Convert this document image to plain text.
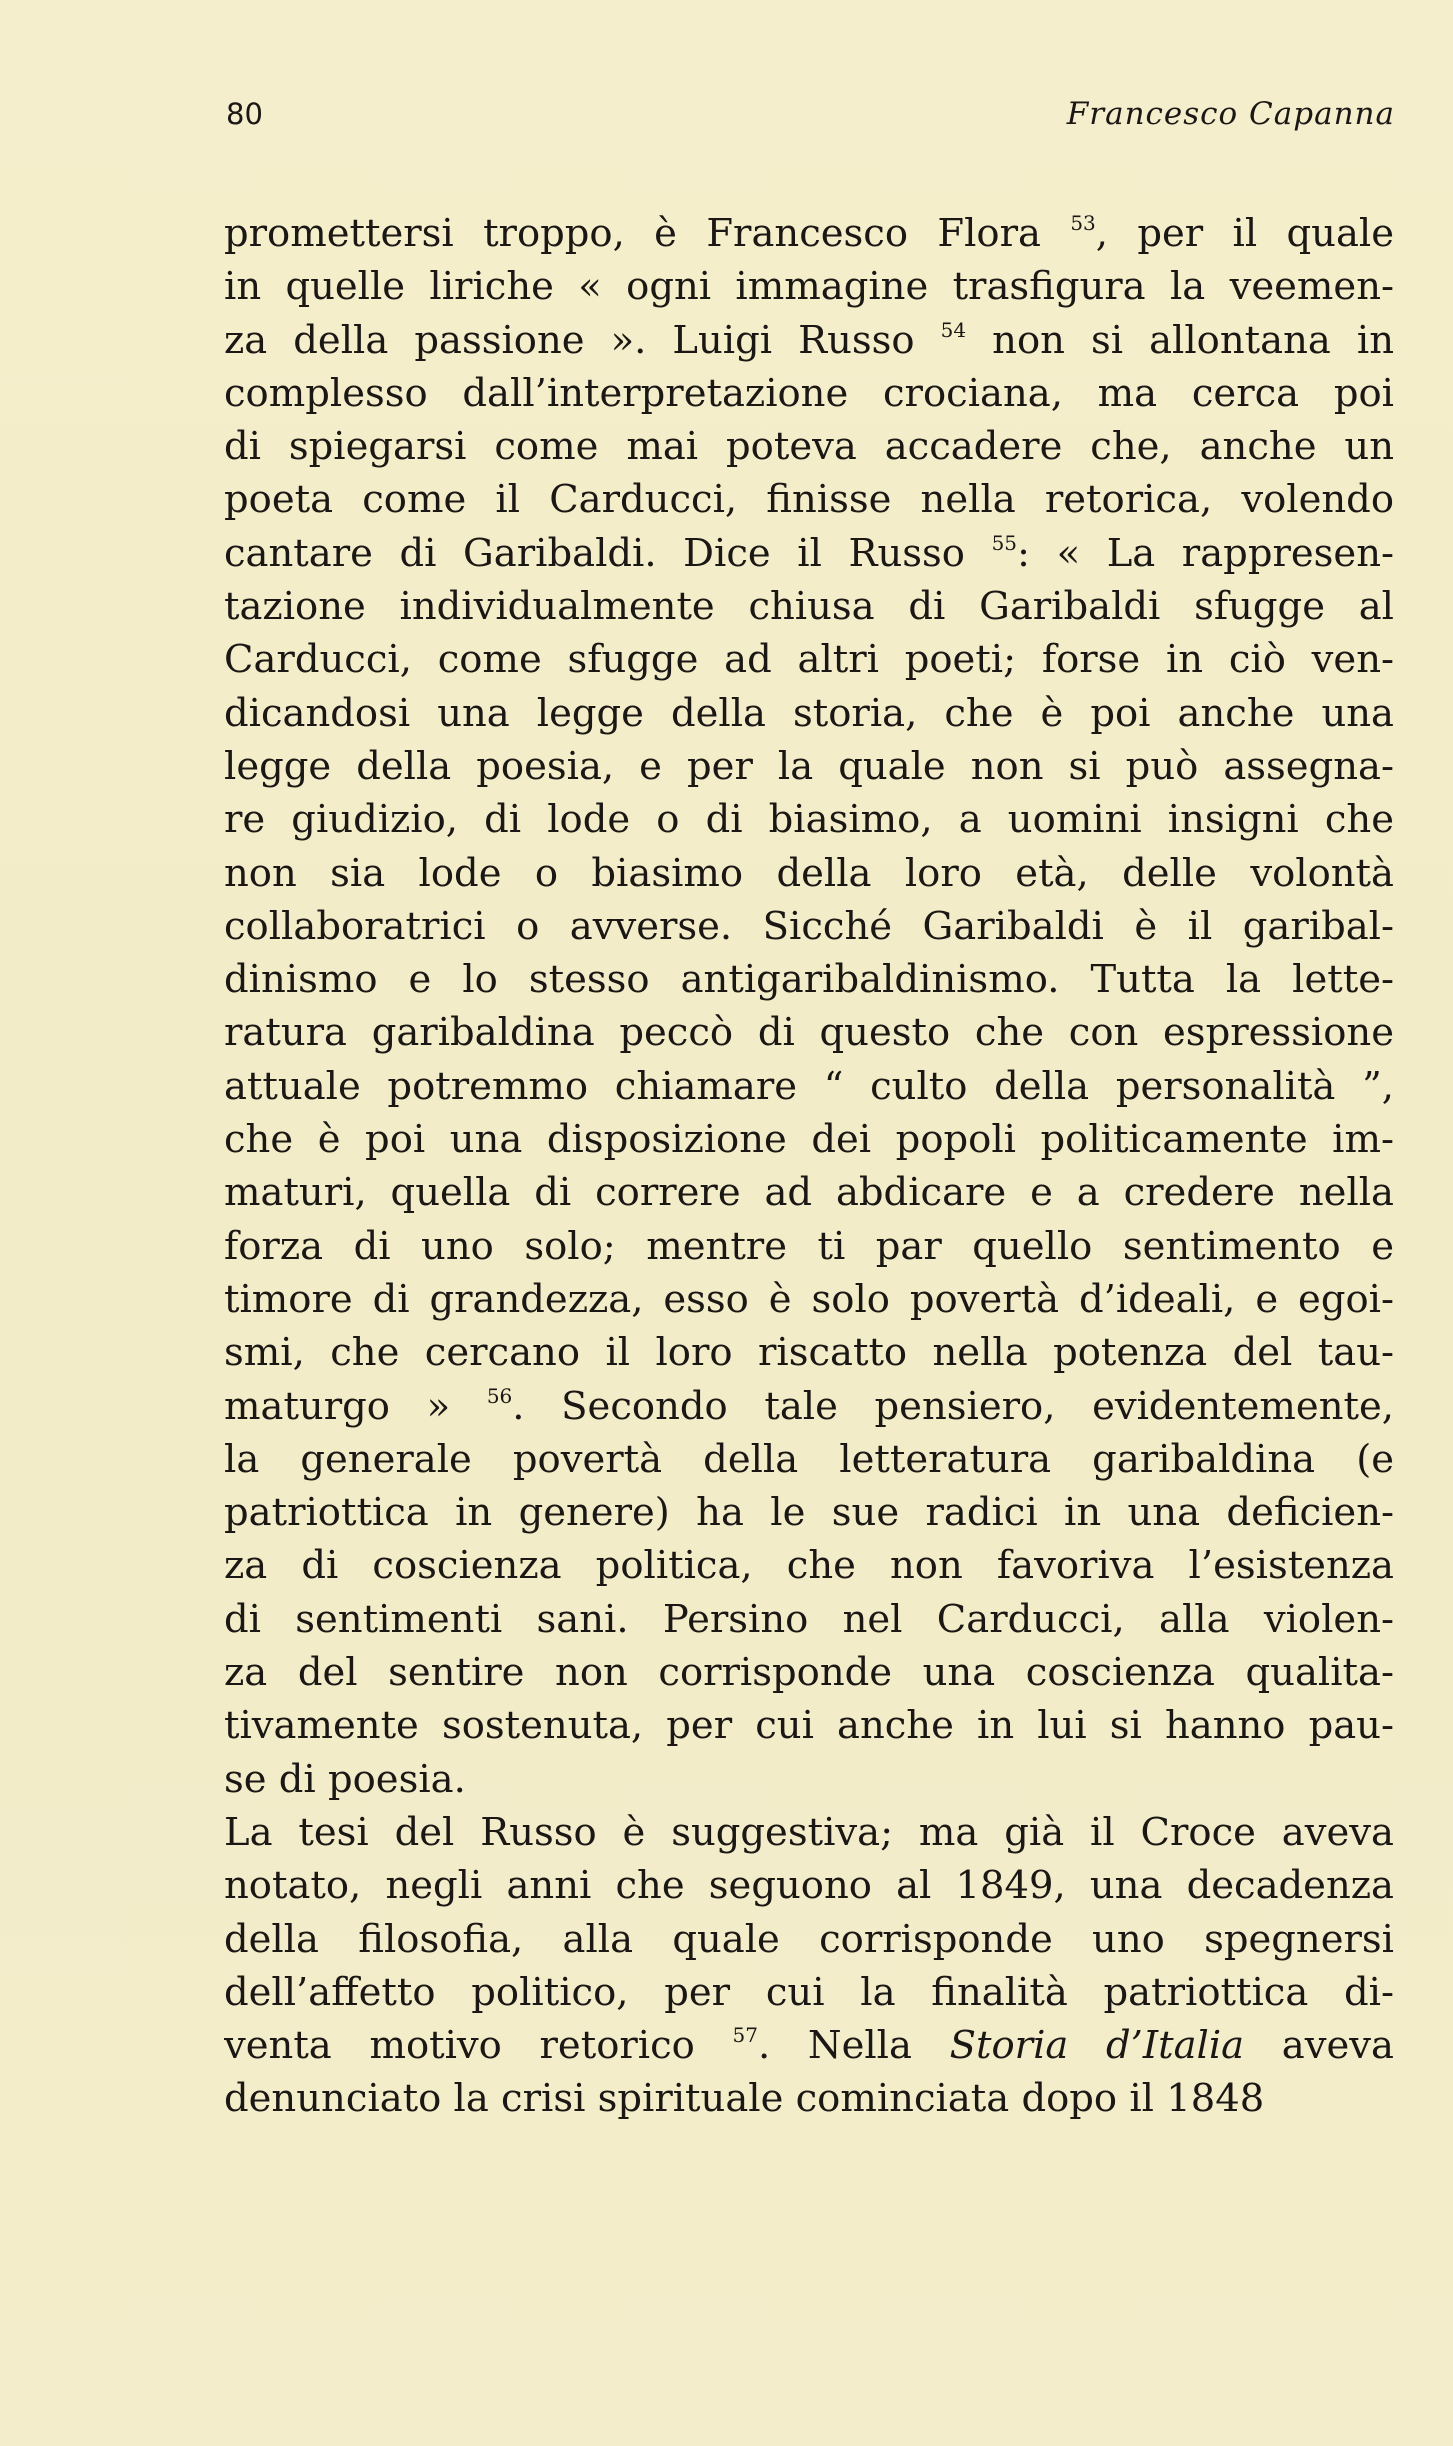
80	Francesco Capanna
promettersi troppo, è Francesco Flora $^{53}$, per il quale
in quelle liriche « ogni immagine trasfigura la veemen-
za della passione ». Luigi Russo $^{54}$ non si allontana in
complesso dall’interpretazione crociana, ma cerca poi
di spiegarsi come mai poteva accadere che, anche un
poeta come il Carducci, finisse nella retorica, volendo
cantare di Garibaldi. Dice il Russo $^{55}$: « La rappresen-
tazione individualmente chiusa di Garibaldi sfugge al
Carducci, come sfugge ad altri poeti; forse in ciò ven-
dicandosi una legge della storia, che è poi anche una
legge della poesia, e per la quale non si può assegna-
re giudizio, di lode o di biasimo, a uomini insigni che
non sia lode o biasimo della loro età, delle volontà
collaboratrici o avverse. Sicché Garibaldi è il garibal-
dinismo e lo stesso antigaribaldinismo. Tutta la lette-
ratura garibaldina peccò di questo che con espressione
attuale potremmo chiamare “ culto della personalità ”,
che è poi una disposizione dei popoli politicamente im-
maturi, quella di correre ad abdicare e a credere nella
forza di uno solo; mentre ti par quello sentimento e
timore di grandezza, esso è solo povertà d’ideali, e egoi-
smi, che cercano il loro riscatto nella potenza del tau-
maturgo » $^{56}$. Secondo tale pensiero, evidentemente,
la generale povertà della letteratura garibaldina (e
patriottica in genere) ha le sue radici in una deficien-
za di coscienza politica, che non favoriva l’esistenza
di sentimenti sani. Persino nel Carducci, alla violen-
za del sentire non corrisponde una coscienza qualita-
tivamente sostenuta, per cui anche in lui si hanno pau-
se di poesia.
La tesi del Russo è suggestiva; ma già il Croce aveva
notato, negli anni che seguono al 1849, una decadenza
della filosofia, alla quale corrisponde uno spegnersi
dell’affetto politico, per cui la finalità patriottica di-
venta motivo retorico $^{57}$. Nella Storia d’Italia aveva
denunciato la crisi spirituale cominciata dopo il 1848
